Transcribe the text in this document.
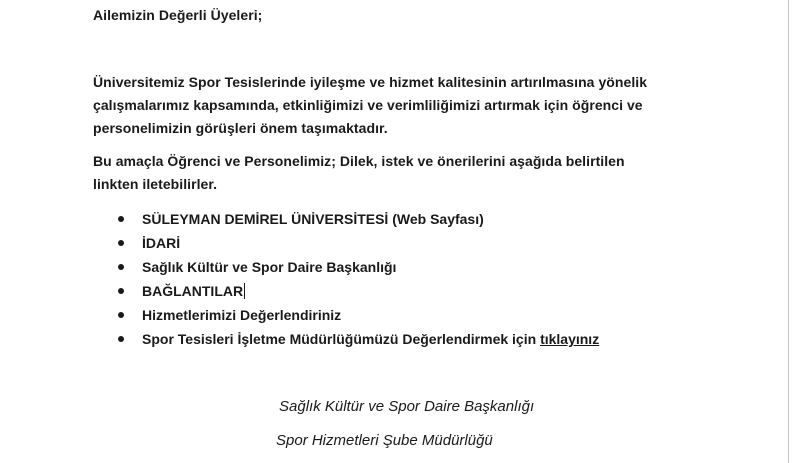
Ailemizin Değerli Üyeleri;

Üniversitemiz Spor Tesislerinde iyileşme ve hizmet kalitesinin artırılmasına yönelik

çalışmalarımız kapsamında, etkinliğimizi ve verimliliğimizi artırmak için öğrenci ve

personelimizin görüşleri önem taşımaktadır.

Bu amaçla Öğrenci ve Personelimiz; Dilek, istek ve önerilerini aşağıda belirtilen

linkten iletebilirler.

SÜLEYMAN DEMİREL ÜNİVERSİTESİ (Web Sayfası)
İDARİ
Sağlık Kültür ve Spor Daire Başkanlığı
BAĞLANTILAR
Hizmetlerimizi Değerlendiriniz
Spor Tesisleri İşletme Müdürlüğümüzü Değerlendirmek için tıklayınız
Sağlık Kültür ve Spor Daire Başkanlığı
Spor Hizmetleri Şube Müdürlüğü
